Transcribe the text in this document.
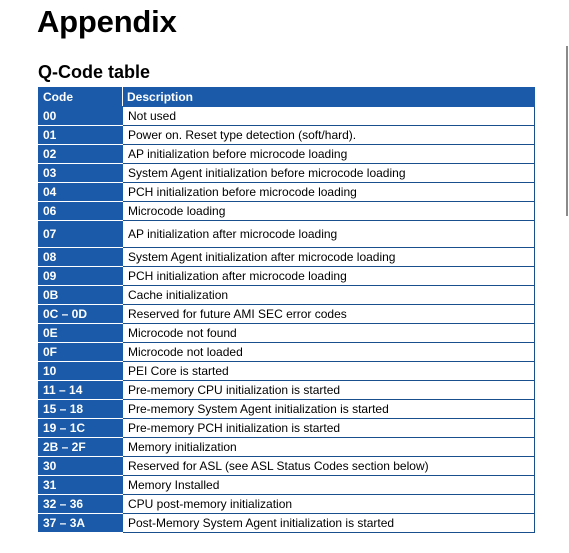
Appendix
Q-Code table
Code	Description
00	Not used
01	Power on. Reset type detection (soft/hard).
02	AP initialization before microcode loading
03	System Agent initialization before microcode loading
04	PCH initialization before microcode loading
06	Microcode loading
07	AP initialization after microcode loading
08	System Agent initialization after microcode loading
09	PCH initialization after microcode loading
0B	Cache initialization
0C – 0D	Reserved for future AMI SEC error codes
0E	Microcode not found
0F	Microcode not loaded
10	PEI Core is started
11 – 14	Pre-memory CPU initialization is started
15 – 18	Pre-memory System Agent initialization is started
19 – 1C	Pre-memory PCH initialization is started
2B – 2F	Memory initialization
30	Reserved for ASL (see ASL Status Codes section below)
31	Memory Installed
32 – 36	CPU post-memory initialization
37 – 3A	Post-Memory System Agent initialization is started
